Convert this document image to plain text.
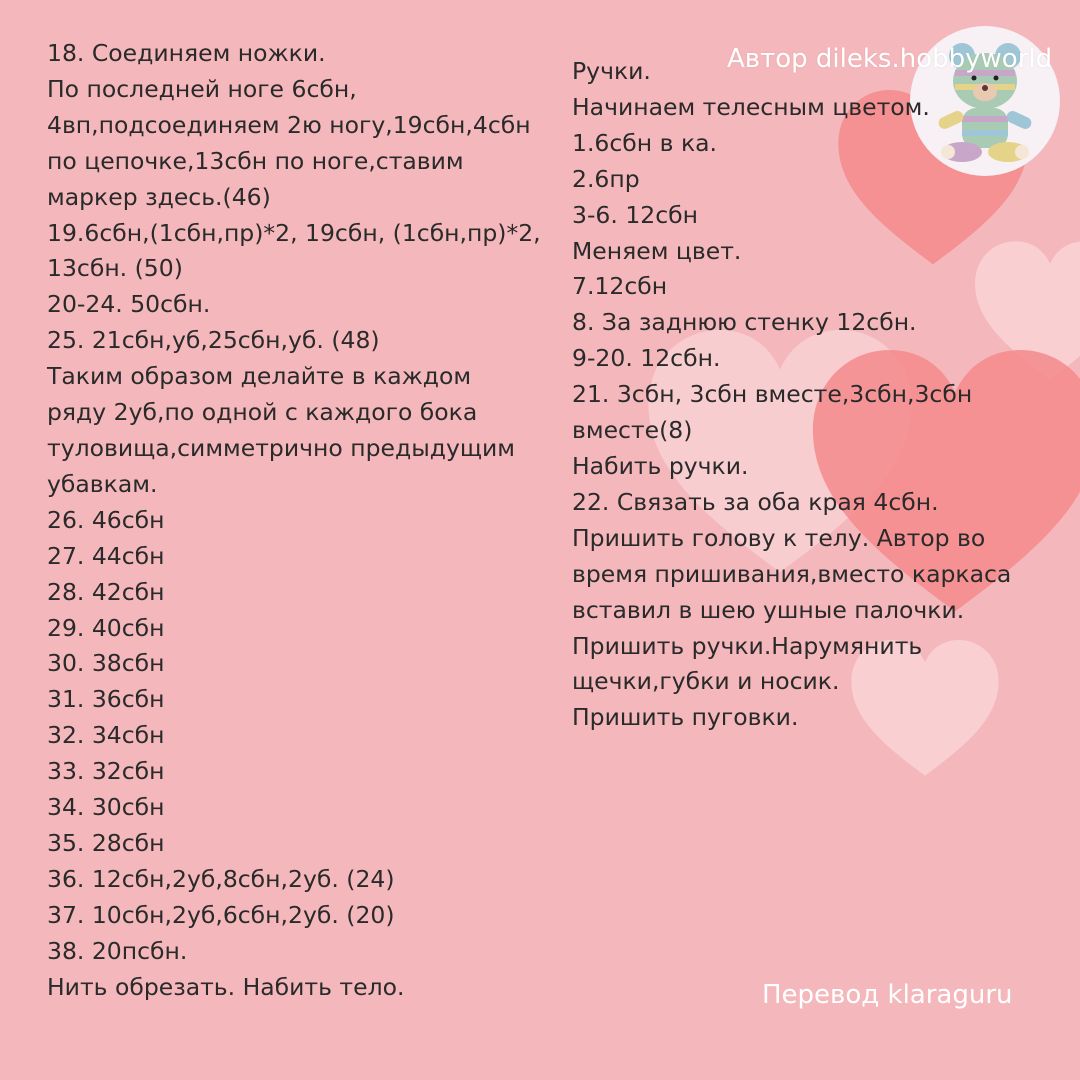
Автор dileks.hobbyworld
18. Соединяем ножки.
По последней ноге 6сбн,
4вп,подсоединяем 2ю ногу,19сбн,4сбн
по цепочке,13сбн по ноге,ставим
маркер здесь.(46)
19.6сбн,(1сбн,пр)*2, 19сбн, (1сбн,пр)*2,
13сбн. (50)
20-24. 50сбн.
25. 21сбн,уб,25сбн,уб. (48)
Таким образом делайте в каждом
ряду 2уб,по одной с каждого бока
туловища,симметрично предыдущим
убавкам.
26. 46сбн
27. 44сбн
28. 42сбн
29. 40сбн
30. 38сбн
31. 36сбн
32. 34сбн
33. 32сбн
34. 30сбн
35. 28сбн
36. 12сбн,2уб,8сбн,2уб. (24)
37. 10сбн,2уб,6сбн,2уб. (20)
38. 20псбн.
Нить обрезать. Набить тело.
Ручки.
Начинаем телесным цветом.
1.6сбн в ка.
2.6пр
3-6. 12сбн
Меняем цвет.
7.12сбн
8. За заднюю стенку 12сбн.
9-20. 12сбн.
21. 3сбн, 3сбн вместе,3сбн,3сбн
вместе(8)
Набить ручки.
22. Связать за оба края 4сбн.
Пришить голову к телу. Автор во
время пришивания,вместо каркаса
вставил в шею ушные палочки.
Пришить ручки.Нарумянить
щечки,губки и носик.
Пришить пуговки.
Перевод klaraguru
